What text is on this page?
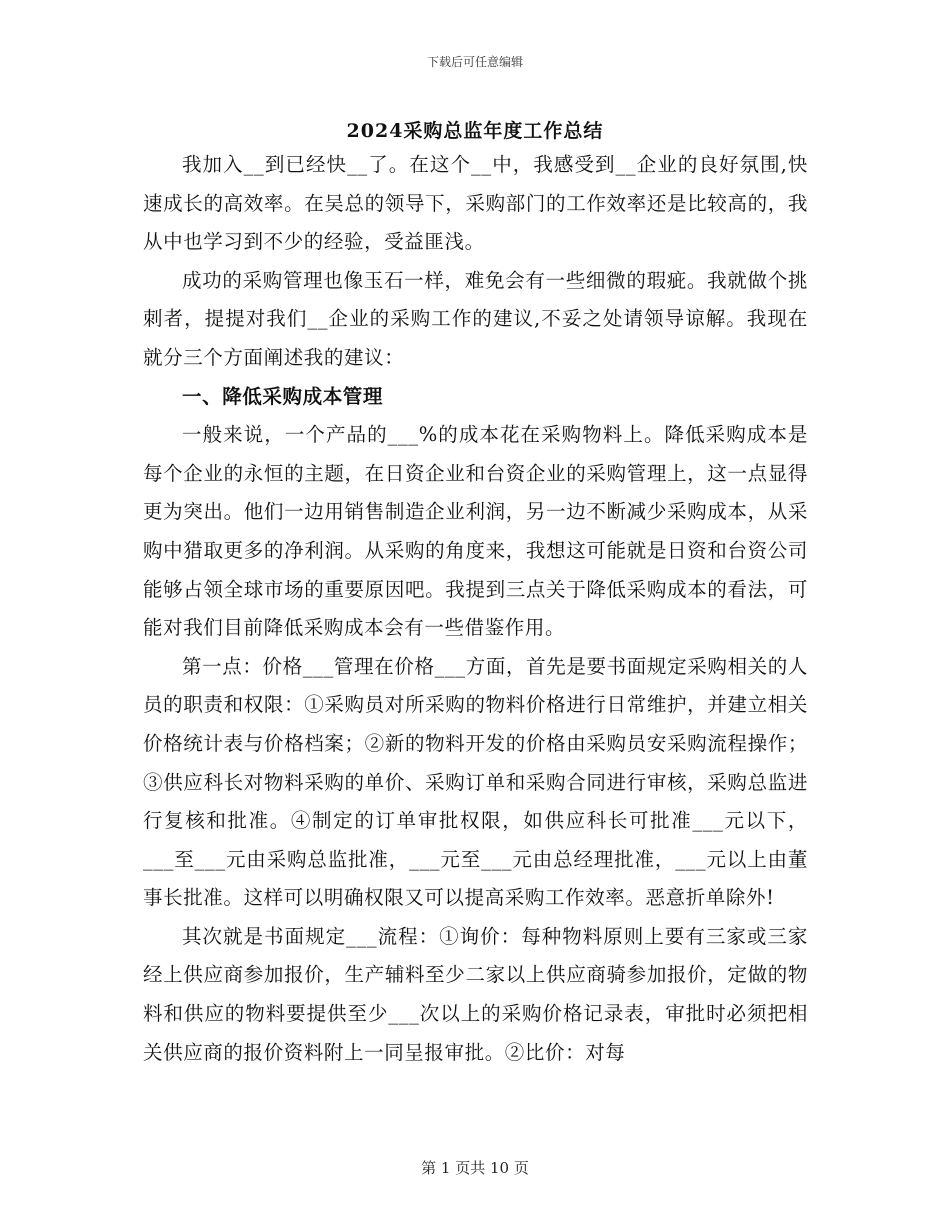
下载后可任意编辑
2024采购总监年度工作总结

我加入__到已经快__了。在这个__中，我感受到__企业的良好氛围,快速成长的高效率。在吴总的领导下，采购部门的工作效率还是比较高的，我从中也学习到不少的经验，受益匪浅。

成功的采购管理也像玉石一样，难免会有一些细微的瑕疵。我就做个挑刺者，提提对我们__企业的采购工作的建议,不妥之处请领导谅解。我现在就分三个方面阐述我的建议：

一、降低采购成本管理

一般来说，一个产品的___%的成本花在采购物料上。降低采购成本是每个企业的永恒的主题，在日资企业和台资企业的采购管理上，这一点显得更为突出。他们一边用销售制造企业利润，另一边不断减少采购成本，从采购中猎取更多的净利润。从采购的角度来，我想这可能就是日资和台资公司能够占领全球市场的重要原因吧。我提到三点关于降低采购成本的看法，可能对我们目前降低采购成本会有一些借鉴作用。

第一点：价格___管理在价格___方面，首先是要书面规定采购相关的人员的职责和权限：①采购员对所采购的物料价格进行日常维护，并建立相关价格统计表与价格档案；②新的物料开发的价格由采购员安采购流程操作；③供应科长对物料采购的单价、采购订单和采购合同进行审核，采购总监进行复核和批准。④制定的订单审批权限，如供应科长可批准___元以下，___至___元由采购总监批准，___元至___元由总经理批准，___元以上由董事长批准。这样可以明确权限又可以提高采购工作效率。恶意折单除外!

其次就是书面规定___流程：①询价：每种物料原则上要有三家或三家经上供应商参加报价，生产辅料至少二家以上供应商骑参加报价，定做的物料和供应的物料要提供至少___次以上的采购价格记录表，审批时必须把相关供应商的报价资料附上一同呈报审批。②比价：对每

第 1 页共 10 页
